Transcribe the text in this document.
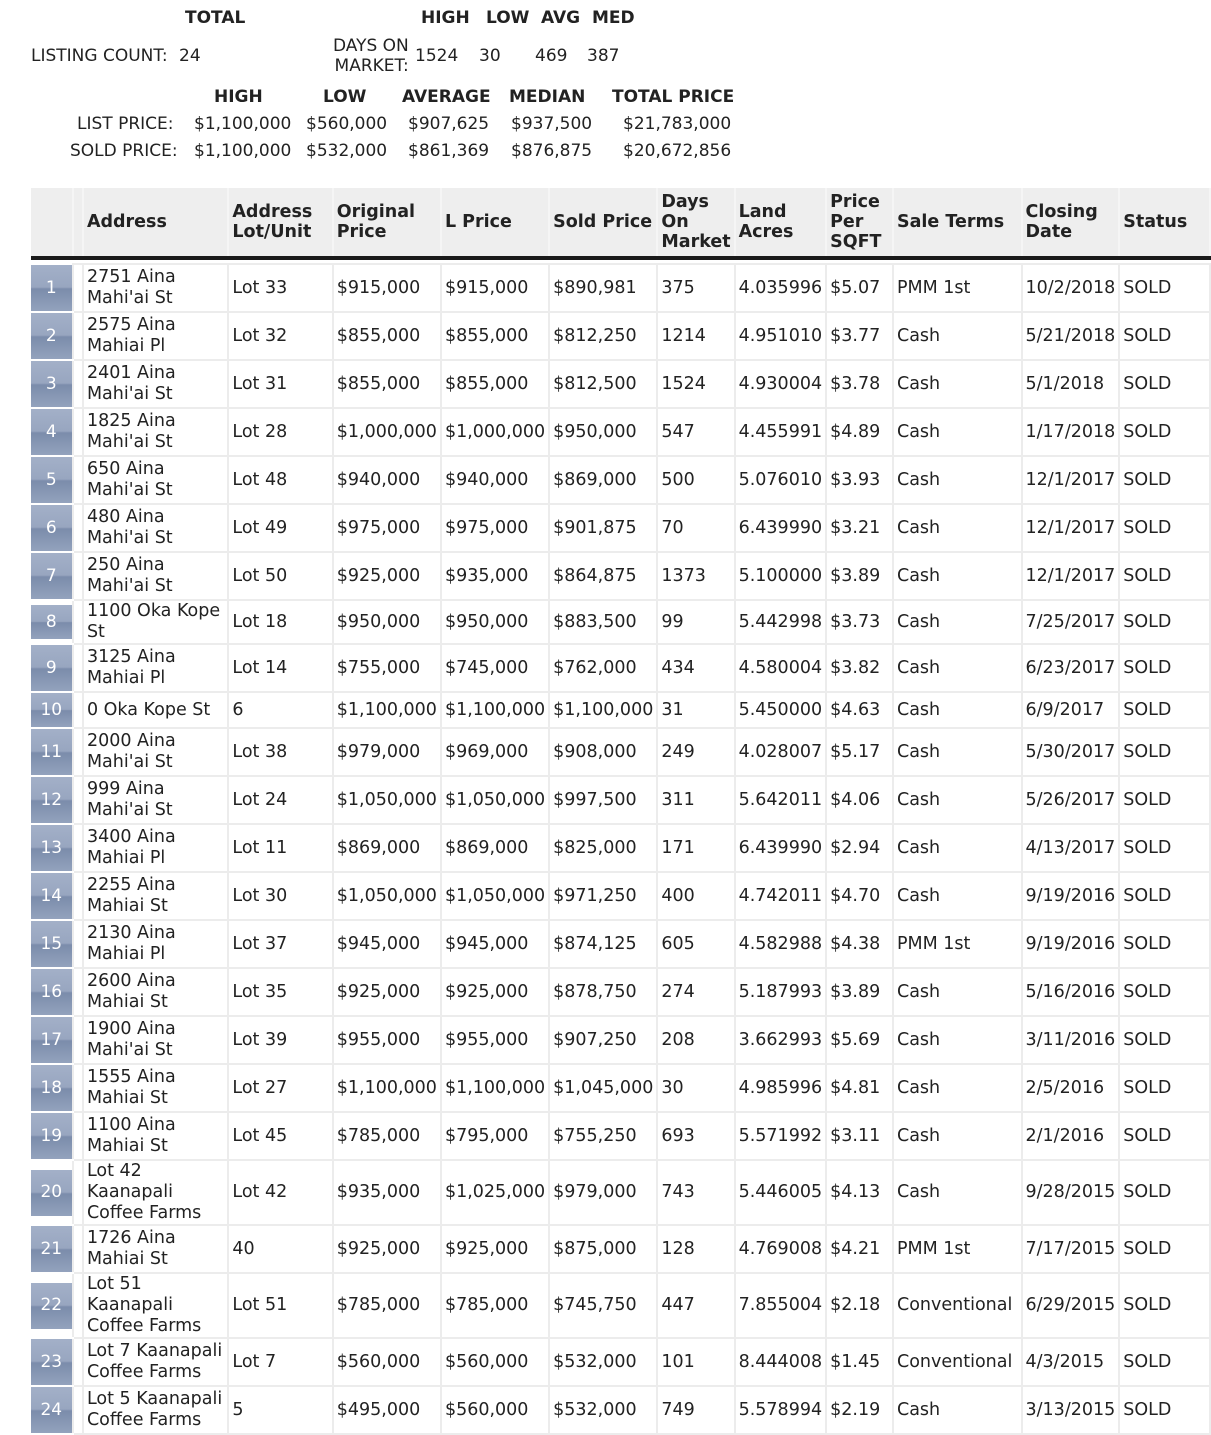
TOTAL	HIGH LOW AVG MED
LISTING COUNT: 24	DAYS ON
MARKET: 1524 30 469 387
HIGH	LOW AVERAGE MEDIAN TOTAL PRICE
LIST PRICE: $1,100,000 $560,000 $907,625 $937,500 $21,783,000
SOLD PRICE: $1,100,000 $532,000 $861,369 $876,875 $20,672,856
		Address	Address Lot/Unit	Original Price	L Price	Sold Price	Days On Market	Land Acres	Price Per SQFT	Sale Terms	Closing Date	Status

1		2751 Aina Mahi'ai St	Lot 33	$915,000	$915,000	$890,981	375	4.035996	$5.07	PMM 1st	10/2/2018	SOLD

2		2575 Aina Mahiai Pl	Lot 32	$855,000	$855,000	$812,250	1214	4.951010	$3.77	Cash	5/21/2018	SOLD

3		2401 Aina Mahi'ai St	Lot 31	$855,000	$855,000	$812,500	1524	4.930004	$3.78	Cash	5/1/2018	SOLD

4		1825 Aina Mahi'ai St	Lot 28	$1,000,000	$1,000,000	$950,000	547	4.455991	$4.89	Cash	1/17/2018	SOLD

5		650 Aina Mahi'ai St	Lot 48	$940,000	$940,000	$869,000	500	5.076010	$3.93	Cash	12/1/2017	SOLD

6		480 Aina Mahi'ai St	Lot 49	$975,000	$975,000	$901,875	70	6.439990	$3.21	Cash	12/1/2017	SOLD

7		250 Aina Mahi'ai St	Lot 50	$925,000	$935,000	$864,875	1373	5.100000	$3.89	Cash	12/1/2017	SOLD

8		1100 Oka Kope St	Lot 18	$950,000	$950,000	$883,500	99	5.442998	$3.73	Cash	7/25/2017	SOLD

9		3125 Aina Mahiai Pl	Lot 14	$755,000	$745,000	$762,000	434	4.580004	$3.82	Cash	6/23/2017	SOLD

10		0 Oka Kope St	6	$1,100,000	$1,100,000	$1,100,000	31	5.450000	$4.63	Cash	6/9/2017	SOLD

11		2000 Aina Mahi'ai St	Lot 38	$979,000	$969,000	$908,000	249	4.028007	$5.17	Cash	5/30/2017	SOLD

12		999 Aina Mahi'ai St	Lot 24	$1,050,000	$1,050,000	$997,500	311	5.642011	$4.06	Cash	5/26/2017	SOLD

13		3400 Aina Mahiai Pl	Lot 11	$869,000	$869,000	$825,000	171	6.439990	$2.94	Cash	4/13/2017	SOLD

14		2255 Aina Mahiai St	Lot 30	$1,050,000	$1,050,000	$971,250	400	4.742011	$4.70	Cash	9/19/2016	SOLD

15		2130 Aina Mahiai Pl	Lot 37	$945,000	$945,000	$874,125	605	4.582988	$4.38	PMM 1st	9/19/2016	SOLD

16		2600 Aina Mahiai St	Lot 35	$925,000	$925,000	$878,750	274	5.187993	$3.89	Cash	5/16/2016	SOLD

17		1900 Aina Mahi'ai St	Lot 39	$955,000	$955,000	$907,250	208	3.662993	$5.69	Cash	3/11/2016	SOLD

18		1555 Aina Mahiai St	Lot 27	$1,100,000	$1,100,000	$1,045,000	30	4.985996	$4.81	Cash	2/5/2016	SOLD

19		1100 Aina Mahiai St	Lot 45	$785,000	$795,000	$755,250	693	5.571992	$3.11	Cash	2/1/2016	SOLD

20		Lot 42 Kaanapali Coffee Farms	Lot 42	$935,000	$1,025,000	$979,000	743	5.446005	$4.13	Cash	9/28/2015	SOLD

21		1726 Aina Mahiai St	40	$925,000	$925,000	$875,000	128	4.769008	$4.21	PMM 1st	7/17/2015	SOLD

22		Lot 51 Kaanapali Coffee Farms	Lot 51	$785,000	$785,000	$745,750	447	7.855004	$2.18	Conventional	6/29/2015	SOLD

23		Lot 7 Kaanapali Coffee Farms	Lot 7	$560,000	$560,000	$532,000	101	8.444008	$1.45	Conventional	4/3/2015	SOLD

24		Lot 5 Kaanapali Coffee Farms	5	$495,000	$560,000	$532,000	749	5.578994	$2.19	Cash	3/13/2015	SOLD
